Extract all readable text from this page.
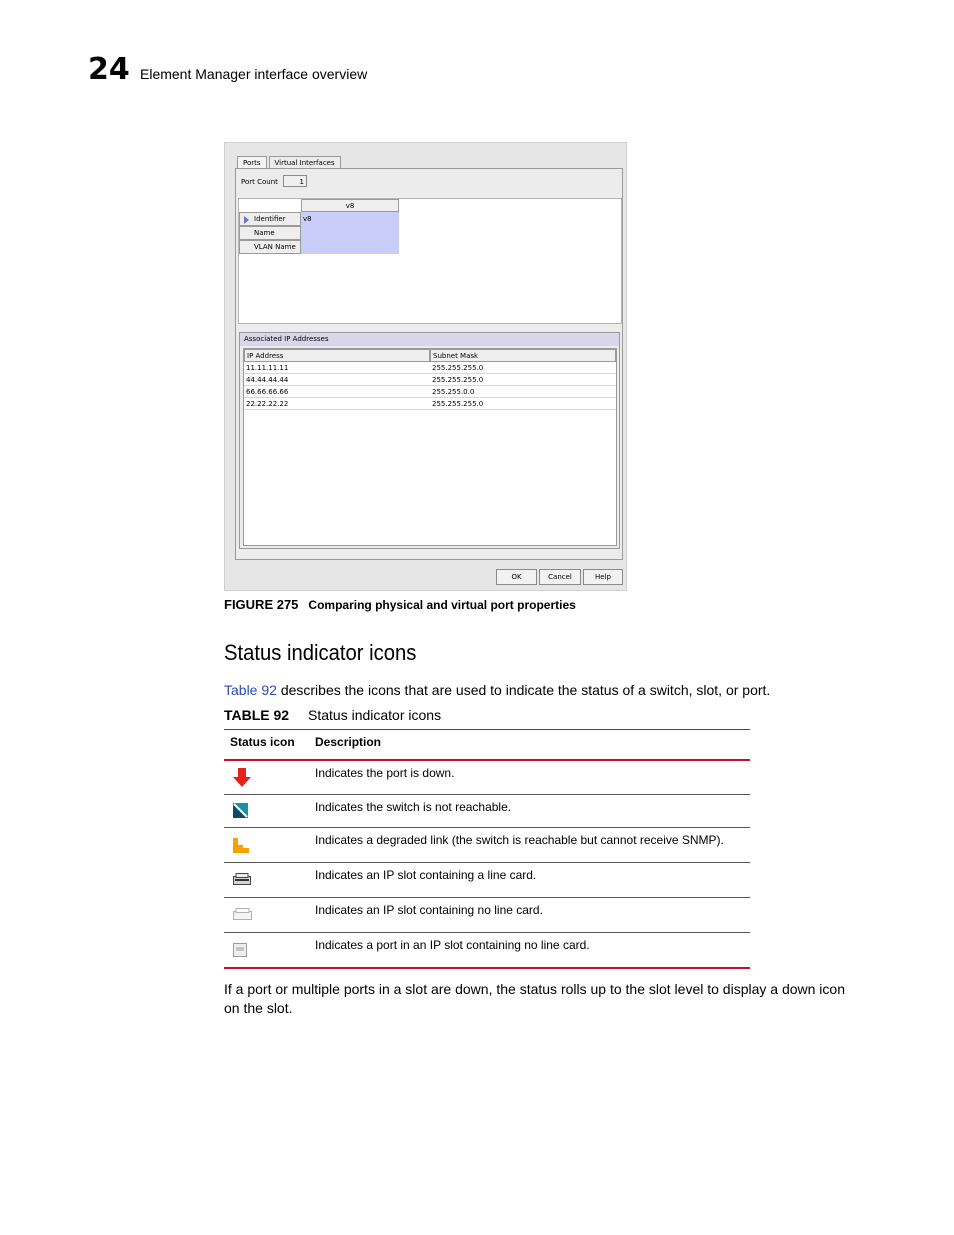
24 Element Manager interface overview
Ports	Virtual Interfaces
Port Count	1
v8
Identifier	v8
Name
VLAN Name
Associated IP Addresses
IP Address	Subnet Mask
11.11.11.11	255.255.255.0
44.44.44.44	255.255.255.0
66.66.66.66	255.255.0.0
22.22.22.22	255.255.255.0
OK	Cancel	Help
FIGURE 275 Comparing physical and virtual port properties
Status indicator icons
Table 92 describes the icons that are used to indicate the status of a switch, slot, or port.
TABLE 92 Status indicator icons
Status icon Description
Indicates the port is down.
Indicates the switch is not reachable.
Indicates a degraded link (the switch is reachable but cannot receive SNMP).
Indicates an IP slot containing a line card.
Indicates an IP slot containing no line card.
Indicates a port in an IP slot containing no line card.
If a port or multiple ports in a slot are down, the status rolls up to the slot level to display a down icon on the slot.
